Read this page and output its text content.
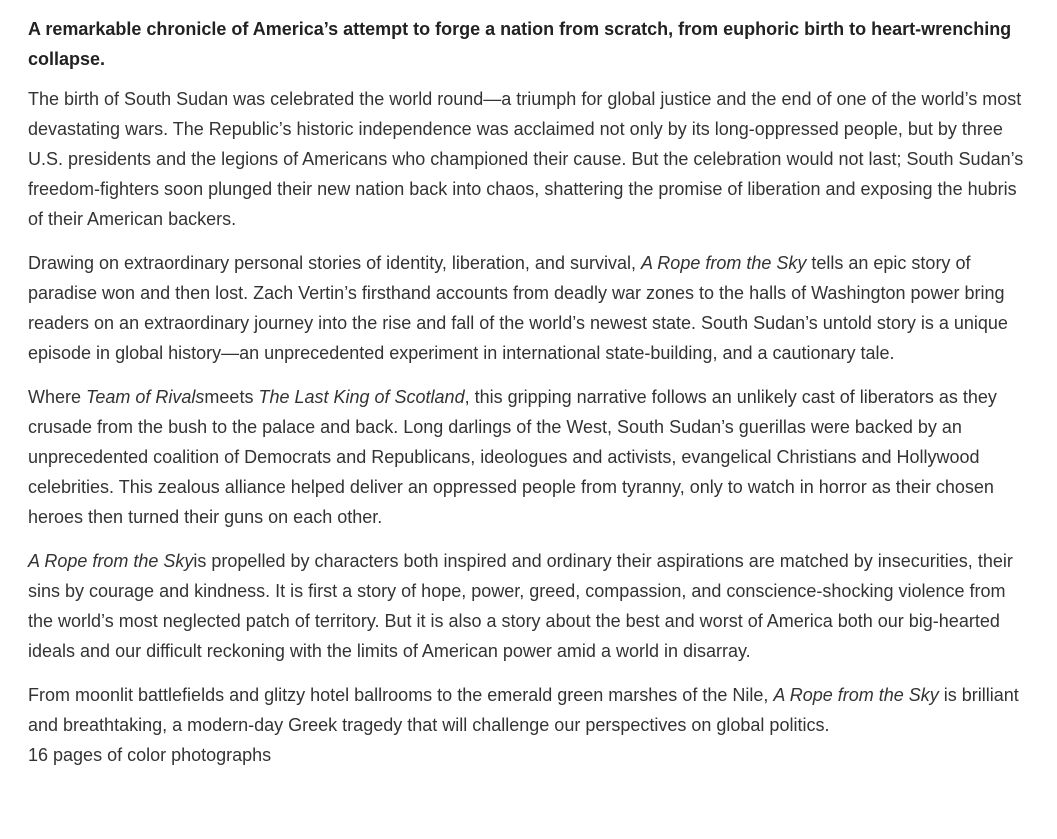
A remarkable chronicle of America’s attempt to forge a nation from scratch, from euphoric birth to heart-wrenching collapse.

The birth of South Sudan was celebrated the world round—a triumph for global justice and the end of one of the world’s most devastating wars. The Republic’s historic independence was acclaimed not only by its long-oppressed people, but by three U.S. presidents and the legions of Americans who championed their cause. But the celebration would not last; South Sudan’s freedom-fighters soon plunged their new nation back into chaos, shattering the promise of liberation and exposing the hubris of their American backers.

Drawing on extraordinary personal stories of identity, liberation, and survival, A Rope from the Sky tells an epic story of paradise won and then lost. Zach Vertin’s firsthand accounts from deadly war zones to the halls of Washington power bring readers on an extraordinary journey into the rise and fall of the world’s newest state. South Sudan’s untold story is a unique episode in global history—an unprecedented experiment in international state-building, and a cautionary tale.

Where Team of Rivalsmeets The Last King of Scotland, this gripping narrative follows an unlikely cast of liberators as they crusade from the bush to the palace and back. Long darlings of the West, South Sudan’s guerillas were backed by an unprecedented coalition of Democrats and Republicans, ideologues and activists, evangelical Christians and Hollywood celebrities. This zealous alliance helped deliver an oppressed people from tyranny, only to watch in horror as their chosen heroes then turned their guns on each other.

A Rope from the Skyis propelled by characters both inspired and ordinary their aspirations are matched by insecurities, their sins by courage and kindness. It is first a story of hope, power, greed, compassion, and conscience-shocking violence from the world’s most neglected patch of territory. But it is also a story about the best and worst of America both our big-hearted ideals and our difficult reckoning with the limits of American power amid a world in disarray.

From moonlit battlefields and glitzy hotel ballrooms to the emerald green marshes of the Nile, A Rope from the Sky is brilliant and breathtaking, a modern-day Greek tragedy that will challenge our perspectives on global politics.

16 pages of color photographs
